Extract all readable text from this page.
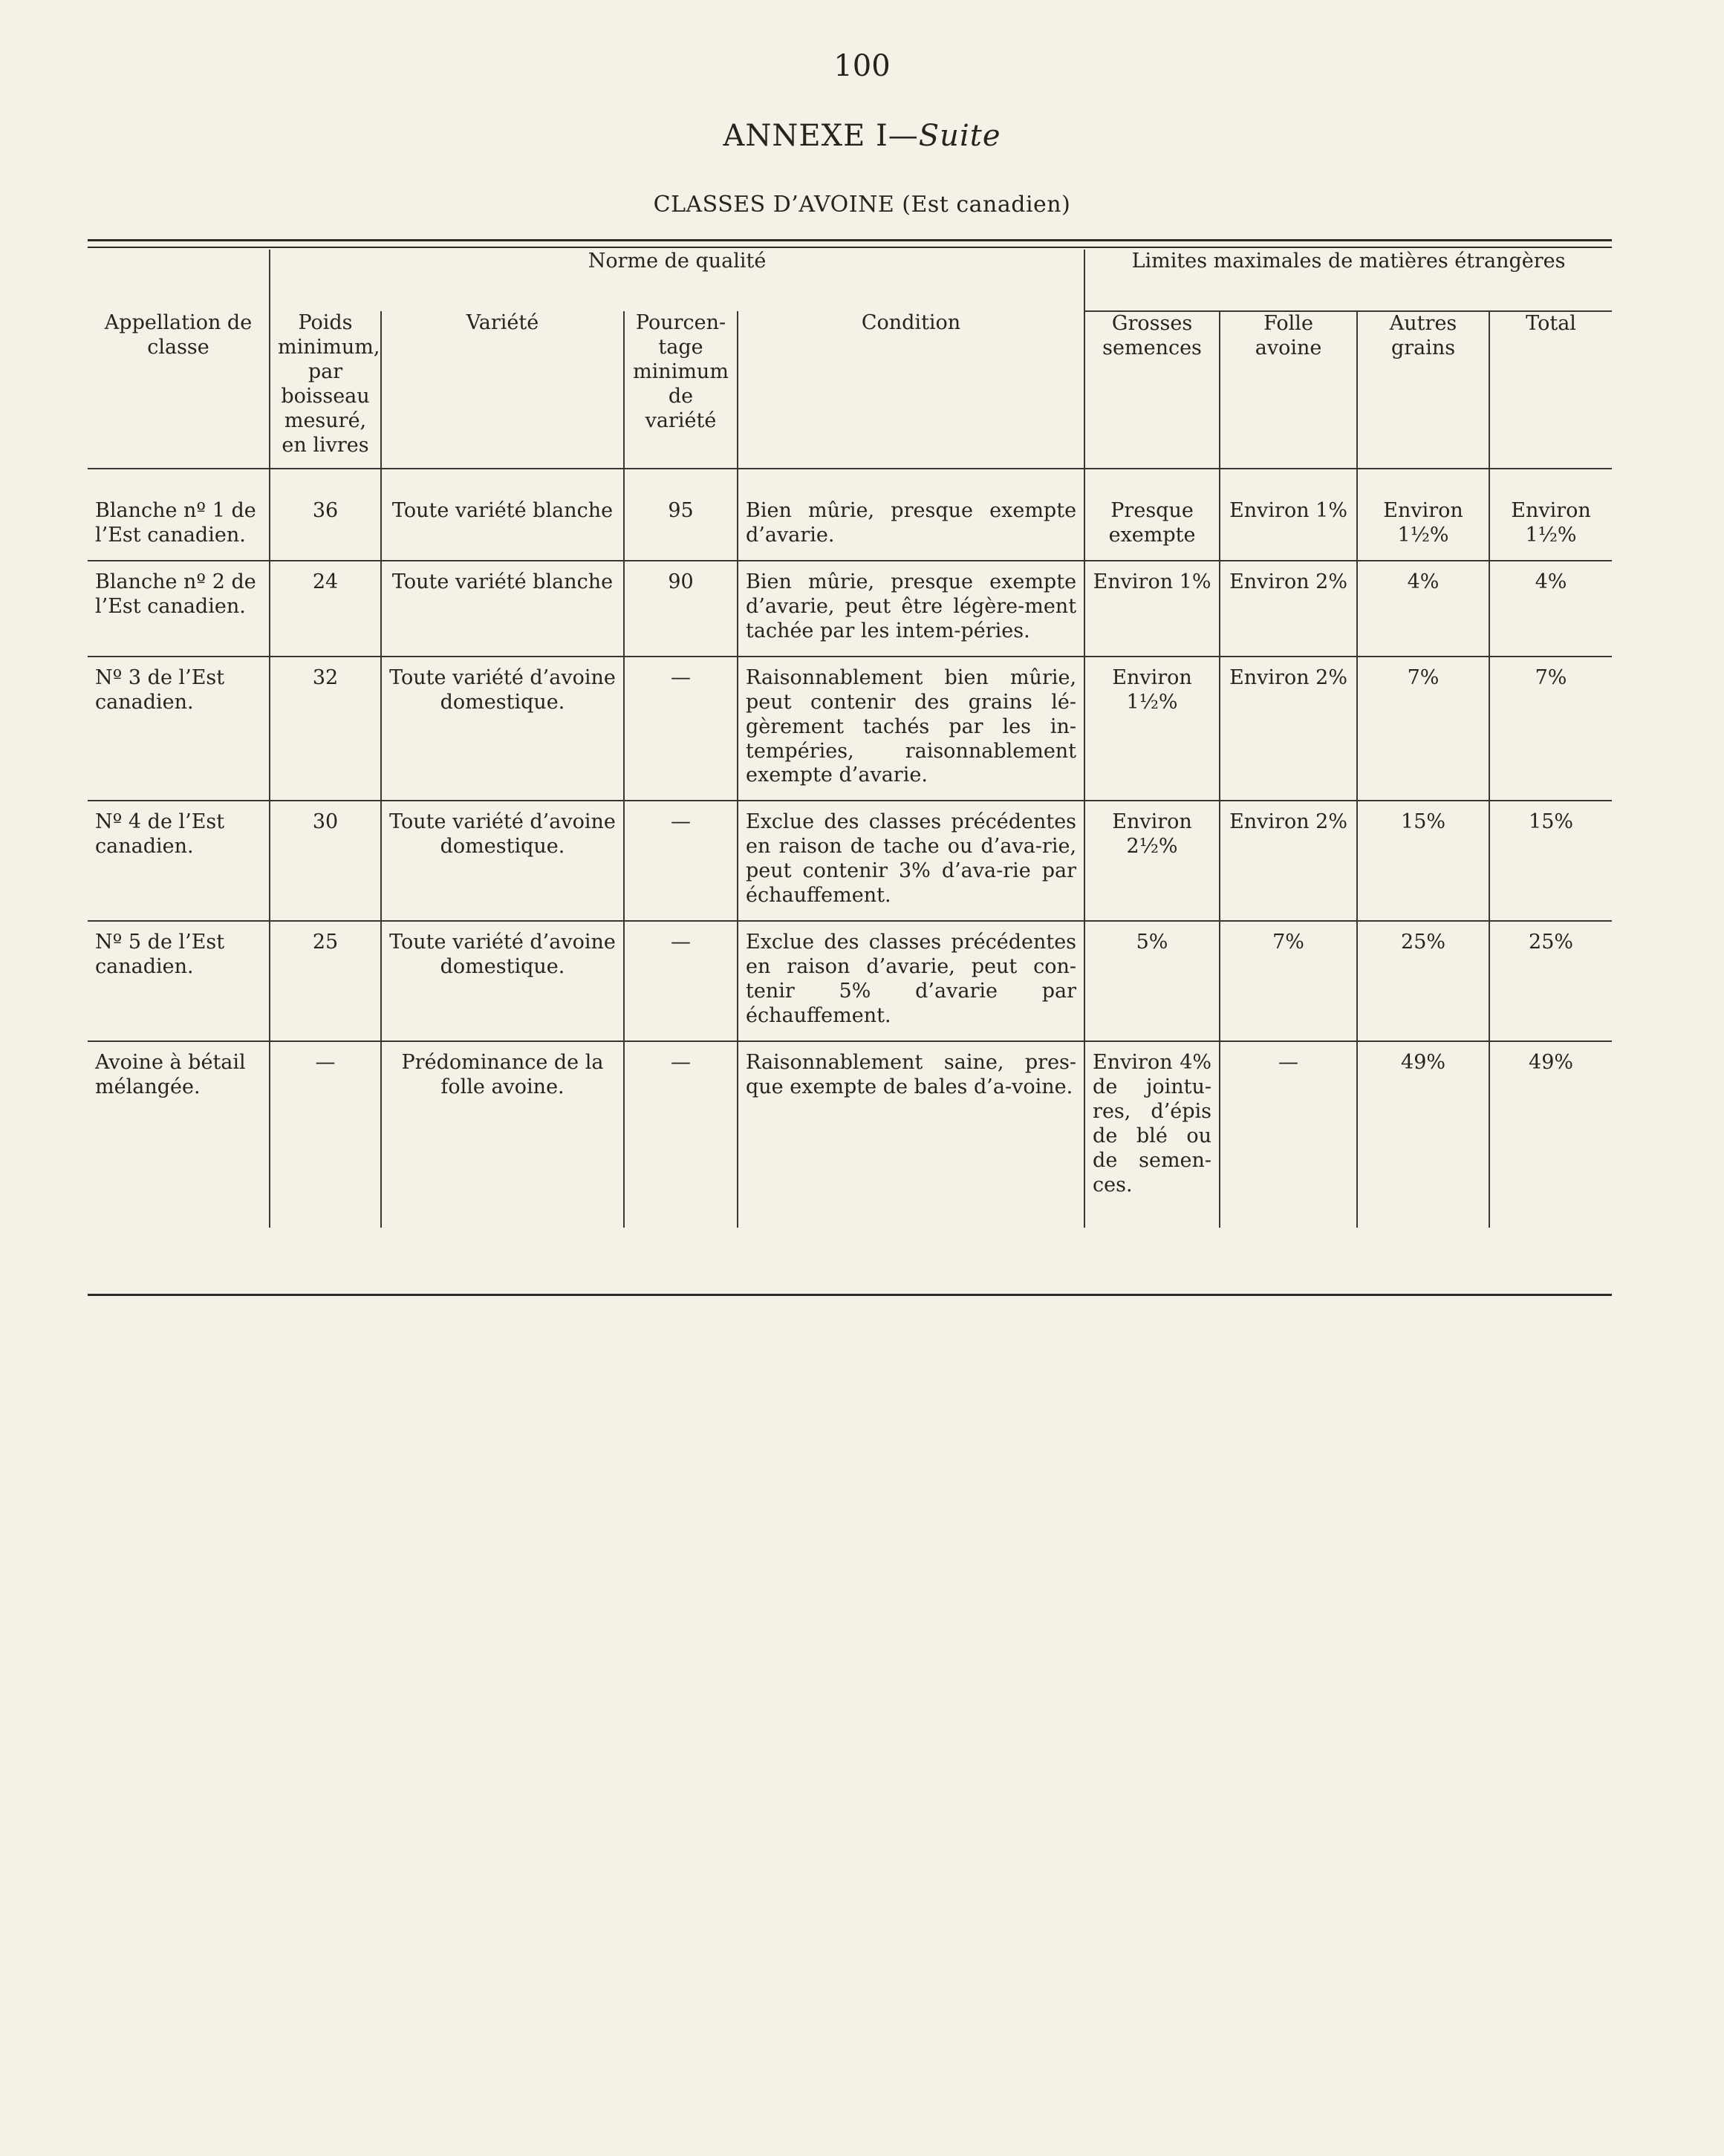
100
ANNEXE I—Suite
CLASSES D’AVOINE (Est canadien)
	Norme de qualité				Limites maximales de matières étrangères			
Appellation de classe	Poids minimum, par boisseau mesuré, en livres	Variété	Pourcen-tage minimum de variété	Condition	Grosses semences	Folle avoine	Autres grains	Total

Blanche nº 1 de l’Est canadien.	36	Toute variété blanche	95	Bien mûrie, presque exempte d’avarie.	Presque exempte	Environ 1%	Environ 1½%	Environ 1½%
Blanche nº 2 de l’Est canadien.	24	Toute variété blanche	90	Bien mûrie, presque exempte d’avarie, peut être légère-ment tachée par les intem-péries.	Environ 1%	Environ 2%	4%	4%
Nº 3 de l’Est canadien.	32	Toute variété d’avoine domestique.	—	Raisonnablement bien mûrie, peut contenir des grains lé-gèrement tachés par les in-tempéries, raisonnablement exempte d’avarie.	Environ 1½%	Environ 2%	7%	7%
Nº 4 de l’Est canadien.	30	Toute variété d’avoine domestique.	—	Exclue des classes précédentes en raison de tache ou d’ava-rie, peut contenir 3% d’ava-rie par échauffement.	Environ 2½%	Environ 2%	15%	15%
Nº 5 de l’Est canadien.	25	Toute variété d’avoine domestique.	—	Exclue des classes précédentes en raison d’avarie, peut con-tenir 5% d’avarie par échauffement.	5%	7%	25%	25%
Avoine à bétail mélangée.	—	Prédominance de la folle avoine.	—	Raisonnablement saine, pres-que exempte de bales d’a-voine.	Environ 4% de jointu-res, d’épis de blé ou de semen-ces.	—	49%	49%
